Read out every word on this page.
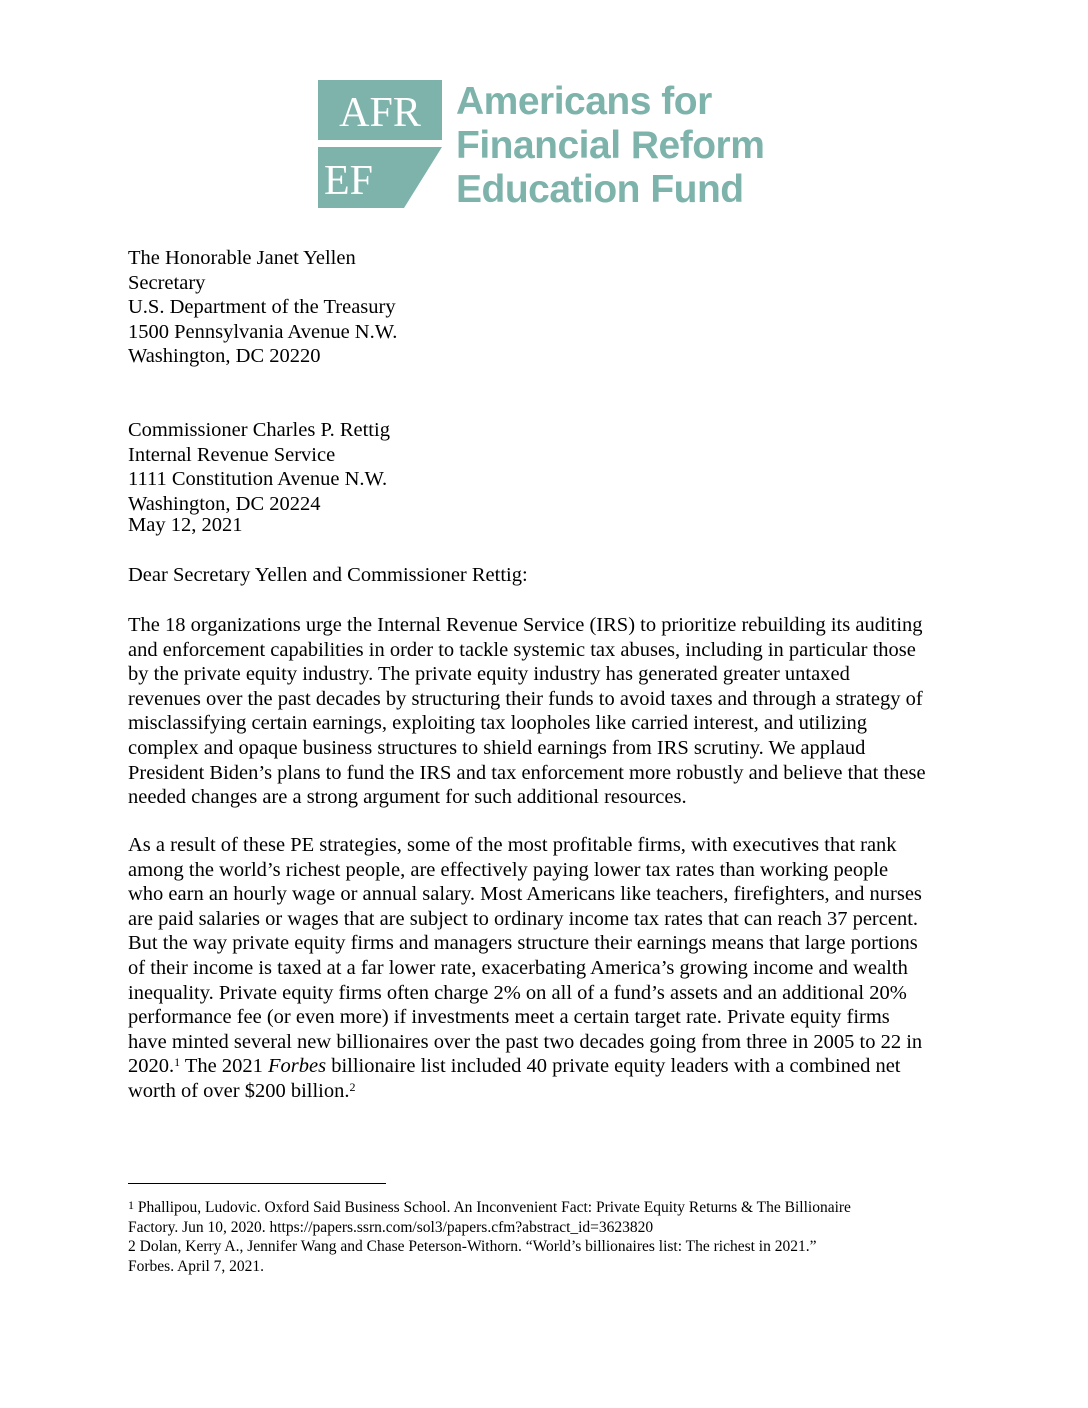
AFR
EF
Americans for
Financial Reform
Education Fund
The Honorable Janet Yellen
Secretary
U.S. Department of the Treasury
1500 Pennsylvania Avenue N.W.
Washington, DC 20220
Commissioner Charles P. Rettig
Internal Revenue Service
1111 Constitution Avenue N.W.
Washington, DC 20224
May 12, 2021
Dear Secretary Yellen and Commissioner Rettig:
The 18 organizations urge the Internal Revenue Service (IRS) to prioritize rebuilding its auditing
and enforcement capabilities in order to tackle systemic tax abuses, including in particular those
by the private equity industry. The private equity industry has generated greater untaxed
revenues over the past decades by structuring their funds to avoid taxes and through a strategy of
misclassifying certain earnings, exploiting tax loopholes like carried interest, and utilizing
complex and opaque business structures to shield earnings from IRS scrutiny. We applaud
President Biden’s plans to fund the IRS and tax enforcement more robustly and believe that these
needed changes are a strong argument for such additional resources.
As a result of these PE strategies, some of the most profitable firms, with executives that rank
among the world’s richest people, are effectively paying lower tax rates than working people
who earn an hourly wage or annual salary. Most Americans like teachers, firefighters, and nurses
are paid salaries or wages that are subject to ordinary income tax rates that can reach 37 percent.
But the way private equity firms and managers structure their earnings means that large portions
of their income is taxed at a far lower rate, exacerbating America’s growing income and wealth
inequality. Private equity firms often charge 2% on all of a fund’s assets and an additional 20%
performance fee (or even more) if investments meet a certain target rate. Private equity firms
have minted several new billionaires over the past two decades going from three in 2005 to 22 in
2020.$^1$ The 2021 Forbes billionaire list included 40 private equity leaders with a combined net
worth of over $200 billion.$^2$
$^1$ Phallipou, Ludovic. Oxford Said Business School. An Inconvenient Fact: Private Equity Returns & The Billionaire
Factory. Jun 10, 2020. https://papers.ssrn.com/sol3/papers.cfm?abstract_id=3623820
2 Dolan, Kerry A., Jennifer Wang and Chase Peterson-Withorn. “World’s billionaires list: The richest in 2021.”
Forbes. April 7, 2021.
